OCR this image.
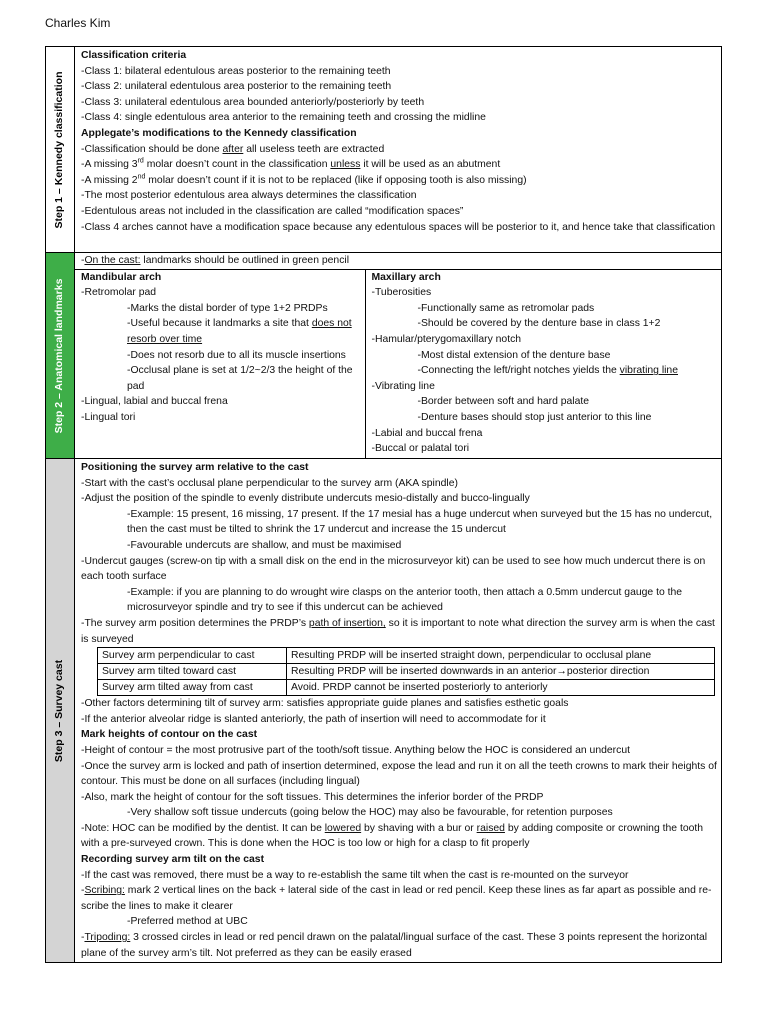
Charles Kim
Step 1 – Kennedy classification

Classification criteria
-Class 1: bilateral edentulous areas posterior to the remaining teeth
-Class 2: unilateral edentulous area posterior to the remaining teeth
-Class 3: unilateral edentulous area bounded anteriorly/posteriorly by teeth
-Class 4: single edentulous area anterior to the remaining teeth and crossing the midline
Applegate’s modifications to the Kennedy classification
-Classification should be done after all useless teeth are extracted
-A missing 3rd molar doesn’t count in the classification unless it will be used as an abutment
-A missing 2nd molar doesn’t count if it is not to be replaced (like if opposing tooth is also missing)
-The most posterior edentulous area always determines the classification
-Edentulous areas not included in the classification are called “modification spaces”
-Class 4 arches cannot have a modification space because any edentulous spaces will be posterior to it, and hence take that classification

Step 2 – Anatomical landmarks

-On the cast: landmarks should be outlined in green pencil
Mandibular arch
-Retromolar pad
-Marks the distal border of type 1+2 PRDPs
-Useful because it landmarks a site that does not resorb over time
-Does not resorb due to all its muscle insertions
-Occlusal plane is set at 1/2~2/3 the height of the pad
-Lingual, labial and buccal frena
-Lingual tori

Maxillary arch
-Tuberosities
-Functionally same as retromolar pads
-Should be covered by the denture base in class 1+2
-Hamular/pterygomaxillary notch
-Most distal extension of the denture base
-Connecting the left/right notches yields the vibrating line
-Vibrating line
-Border between soft and hard palate
-Denture bases should stop just anterior to this line
-Labial and buccal frena
-Buccal or palatal tori

Step 3 – Survey cast

Positioning the survey arm relative to the cast
-Start with the cast’s occlusal plane perpendicular to the survey arm (AKA spindle)
-Adjust the position of the spindle to evenly distribute undercuts mesio-distally and bucco-lingually
-Example: 15 present, 16 missing, 17 present. If the 17 mesial has a huge undercut when surveyed but the 15 has no undercut, then the cast must be tilted to shrink the 17 undercut and increase the 15 undercut
-Favourable undercuts are shallow, and must be maximised
-Undercut gauges (screw-on tip with a small disk on the end in the microsurveyor kit) can be used to see how much undercut there is on each tooth surface
-Example: if you are planning to do wrought wire clasps on the anterior tooth, then attach a 0.5mm undercut gauge to the microsurveyor spindle and try to see if this undercut can be achieved
-The survey arm position determines the PRDP’s path of insertion, so it is important to note what direction the survey arm is when the cast is surveyed
Survey arm perpendicular to cast	Resulting PRDP will be inserted straight down, perpendicular to occlusal plane
Survey arm tilted toward cast	Resulting PRDP will be inserted downwards in an anterior→posterior direction
Survey arm tilted away from cast	Avoid. PRDP cannot be inserted posteriorly to anteriorly
-Other factors determining tilt of survey arm: satisfies appropriate guide planes and satisfies esthetic goals
-If the anterior alveolar ridge is slanted anteriorly, the path of insertion will need to accommodate for it
Mark heights of contour on the cast
-Height of contour = the most protrusive part of the tooth/soft tissue. Anything below the HOC is considered an undercut
-Once the survey arm is locked and path of insertion determined, expose the lead and run it on all the teeth crowns to mark their heights of contour. This must be done on all surfaces (including lingual)
-Also, mark the height of contour for the soft tissues. This determines the inferior border of the PRDP
-Very shallow soft tissue undercuts (going below the HOC) may also be favourable, for retention purposes
-Note: HOC can be modified by the dentist. It can be lowered by shaving with a bur or raised by adding composite or crowning the tooth with a pre-surveyed crown. This is done when the HOC is too low or high for a clasp to fit properly
Recording survey arm tilt on the cast
-If the cast was removed, there must be a way to re-establish the same tilt when the cast is re-mounted on the surveyor
-Scribing: mark 2 vertical lines on the back + lateral side of the cast in lead or red pencil. Keep these lines as far apart as possible and re-scribe the lines to make it clearer
-Preferred method at UBC
-Tripoding: 3 crossed circles in lead or red pencil drawn on the palatal/lingual surface of the cast. These 3 points represent the horizontal plane of the survey arm’s tilt. Not preferred as they can be easily erased
